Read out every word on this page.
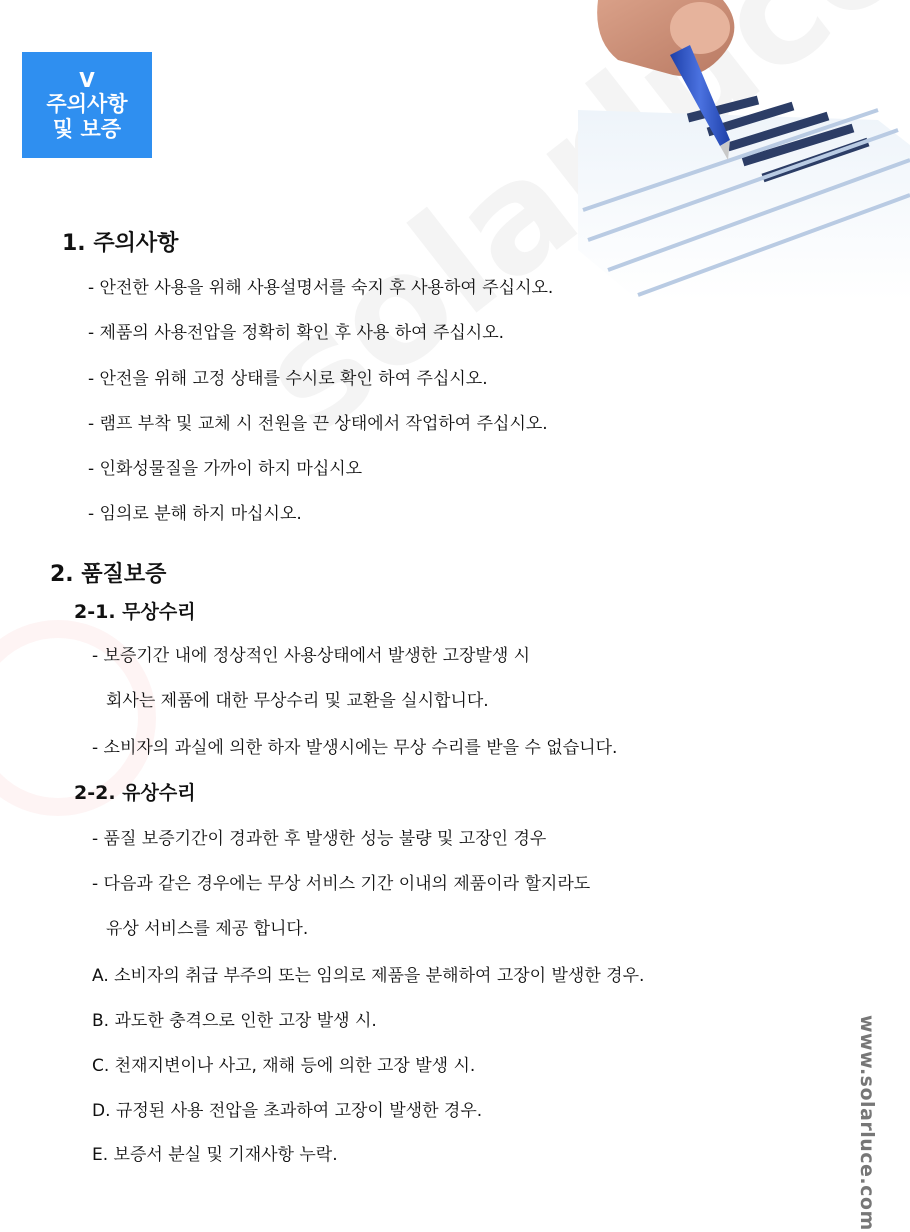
V
주의사항
및 보증
1. 주의사항
- 안전한 사용을 위해 사용설명서를 숙지 후 사용하여 주십시오.
- 제품의 사용전압을 정확히 확인 후 사용 하여 주십시오.
- 안전을 위해 고정 상태를 수시로 확인 하여 주십시오.
- 램프 부착 및 교체 시 전원을 끈 상태에서 작업하여 주십시오.
- 인화성물질을 가까이 하지 마십시오
- 임의로 분해 하지 마십시오.
2. 품질보증
2-1. 무상수리
- 보증기간 내에 정상적인 사용상태에서 발생한 고장발생 시
회사는 제품에 대한 무상수리 및 교환을 실시합니다.
- 소비자의 과실에 의한 하자 발생시에는 무상 수리를 받을 수 없습니다.
2-2. 유상수리
- 품질 보증기간이 경과한 후 발생한 성능 불량 및 고장인 경우
- 다음과 같은 경우에는 무상 서비스 기간 이내의 제품이라 할지라도
유상 서비스를 제공 합니다.
A. 소비자의 취급 부주의 또는 임의로 제품을 분해하여 고장이 발생한 경우.
B. 과도한 충격으로 인한 고장 발생 시.
C. 천재지변이나 사고, 재해 등에 의한 고장 발생 시.
D. 규정된 사용 전압을 초과하여 고장이 발생한 경우.
E. 보증서 분실 및 기재사항 누락.	www.solarluce.com
